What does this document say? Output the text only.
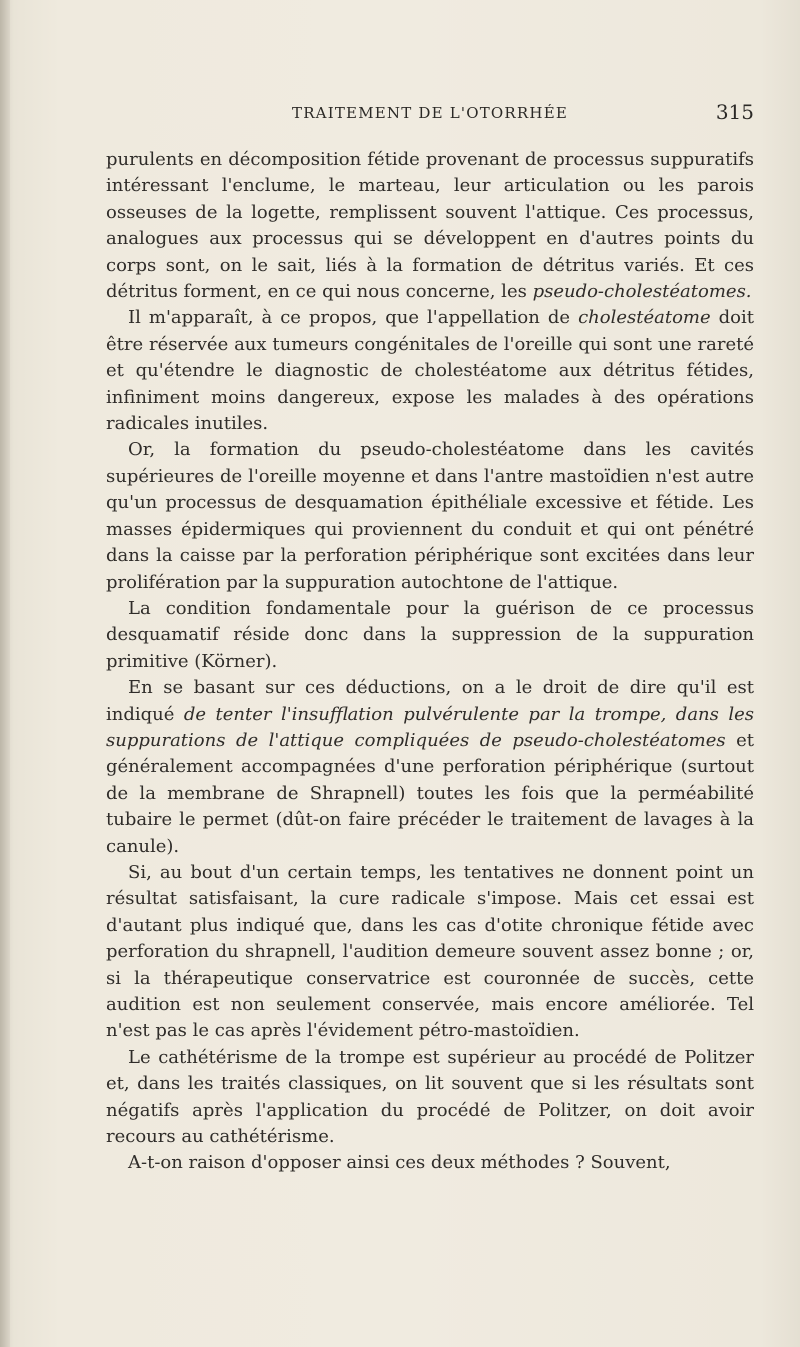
TRAITEMENT DE L'OTORRHÉE	315

purulents en décomposition fétide provenant de processus suppuratifs intéressant l'enclume, le marteau, leur articulation ou les parois osseuses de la logette, remplissent souvent l'attique. Ces processus, analogues aux processus qui se développent en d'autres points du corps sont, on le sait, liés à la formation de détritus variés. Et ces détritus forment, en ce qui nous concerne, les pseudo-cholestéatomes.

Il m'apparaît, à ce propos, que l'appellation de cholestéatome doit être réservée aux tumeurs congénitales de l'oreille qui sont une rareté et qu'étendre le diagnostic de cholestéatome aux détritus fétides, infiniment moins dangereux, expose les malades à des opérations radicales inutiles.

Or, la formation du pseudo-cholestéatome dans les cavités supérieures de l'oreille moyenne et dans l'antre mastoïdien n'est autre qu'un processus de desquamation épithéliale excessive et fétide. Les masses épidermiques qui proviennent du conduit et qui ont pénétré dans la caisse par la perforation périphérique sont excitées dans leur prolifération par la suppuration autochtone de l'attique.

La condition fondamentale pour la guérison de ce processus desquamatif réside donc dans la suppression de la suppuration primitive (Körner).

En se basant sur ces déductions, on a le droit de dire qu'il est indiqué de tenter l'insufflation pulvérulente par la trompe, dans les suppurations de l'attique compliquées de pseudo-cholestéatomes et généralement accompagnées d'une perforation périphérique (surtout de la membrane de Shrapnell) toutes les fois que la perméabilité tubaire le permet (dût-on faire précéder le traitement de lavages à la canule).

Si, au bout d'un certain temps, les tentatives ne donnent point un résultat satisfaisant, la cure radicale s'impose. Mais cet essai est d'autant plus indiqué que, dans les cas d'otite chronique fétide avec perforation du shrapnell, l'audition demeure souvent assez bonne ; or, si la thérapeutique conservatrice est couronnée de succès, cette audition est non seulement conservée, mais encore améliorée. Tel n'est pas le cas après l'évidement pétro-mastoïdien.

Le cathétérisme de la trompe est supérieur au procédé de Politzer et, dans les traités classiques, on lit souvent que si les résultats sont négatifs après l'application du procédé de Politzer, on doit avoir recours au cathétérisme.

A-t-on raison d'opposer ainsi ces deux méthodes ? Souvent,
